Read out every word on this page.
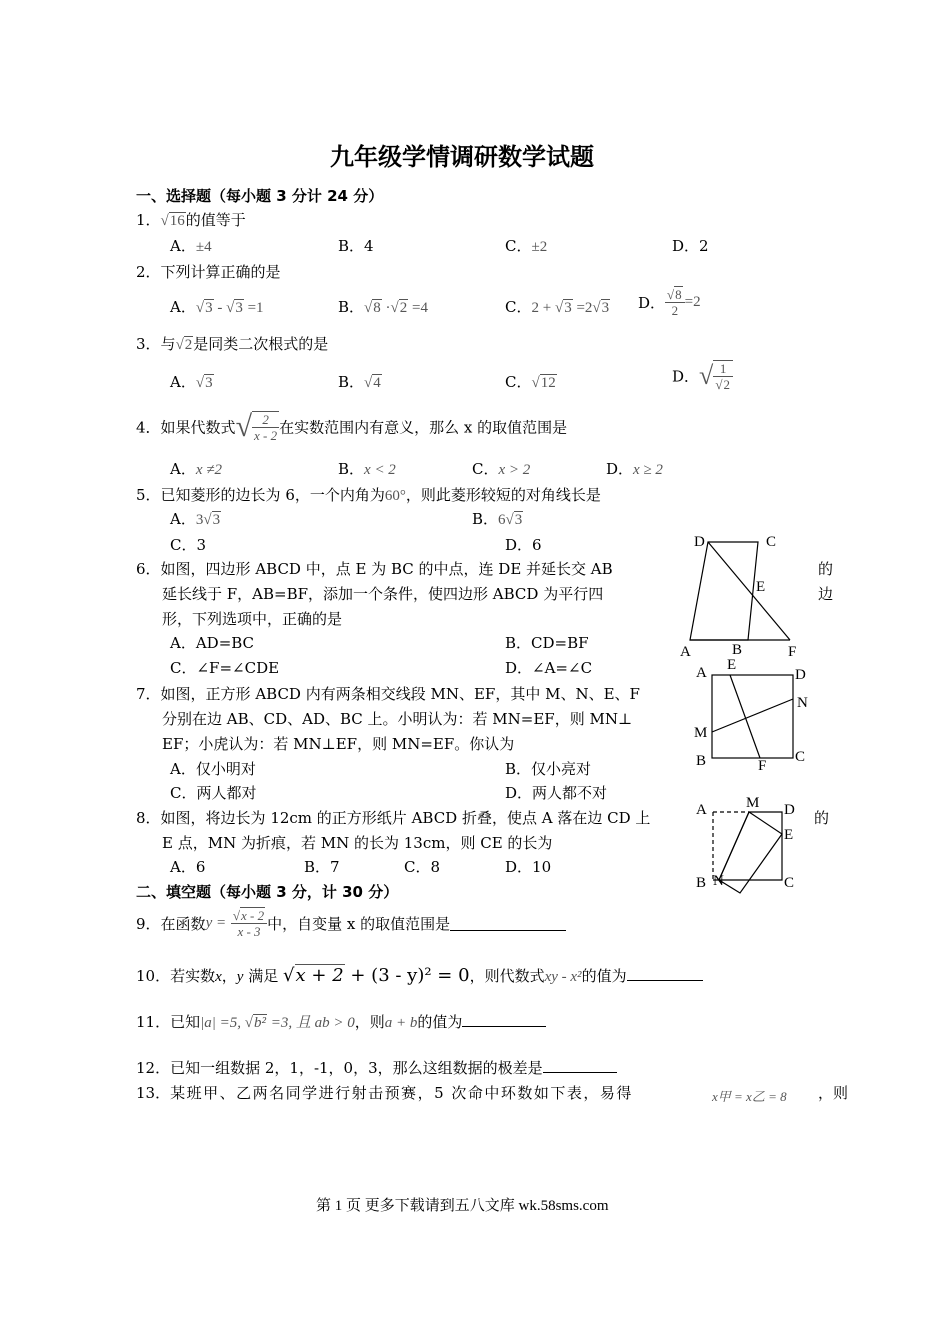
九年级学情调研数学试题
一、选择题（每小题 3 分计 24 分）
1．√16的值等于
A．±4	B．4	C．±2	D．2
2．下列计算正确的是
A．√3 - √3 =1	B．√8 ·√2 =4	C．2 + √3 =2√3 D． $\frac{√8}{2} =2$
3．与√2是同类二次根式的是
A．√3	B．√4	C．√12	D．√ $\frac{1}{√2}$
4．如果代数式√ $\frac{2}{x - 2}$ 在实数范围内有意义，那么 x 的取值范围是
A．x ≠2	B．x < 2	C．x > 2	D．x ≥ 2
5．已知菱形的边长为 6，一个内角为60°，则此菱形较短的对角线长是
A．3√3	B．6√3
C．3	D．6
6．如图，四边形 ABCD 中，点 E 为 BC 的中点，连 DE 并延长交 AB	的
延长线于 F，AB=BF，添加一个条件，使四边形 ABCD 为平行四	边
形，下列选项中，正确的是
A．AD=BC	B．CD=BF
C．∠F=∠CDE	D．∠A=∠C
D	C
E
A	B	F
7．如图，正方形 ABCD 内有两条相交线段 MN、EF，其中 M、N、E、F
分别在边 AB、CD、AD、BC 上。小明认为：若 MN=EF，则 MN⊥
EF；小虎认为：若 MN⊥EF，则 MN=EF。你认为
A．仅小明对	B．仅小亮对
C．两人都对	D．两人都不对
A E
D
N
M
B	F
C
8．如图，将边长为 12cm 的正方形纸片 ABCD 折叠，使点 A 落在边 CD 上	的
E 点，MN 为折痕，若 MN 的长为 13cm，则 CE 的长为
A．6	B．7	C．8	D．10
A	M D
E
B N	C
二、填空题（每小题 3 分，计 30 分）
9．在函数$y = \frac{√x - 2}{x - 3}$ 中，自变量 x 的取值范围是
10．若实数x，y 满足 √x + 2 + (3 - y)² = 0，则代数式xy - x²的值为
11．已知|a| =5, √b² =3, 且 ab > 0，则a + b的值为
12．已知一组数据 2，1，-1，0，3，那么这组数据的极差是
13．某班甲、乙两名同学进行射击预赛，5 次命中环数如下表，易得	x甲 = x乙 = 8 ，则
第 1 页 更多下载请到五八文库 wk.58sms.com
